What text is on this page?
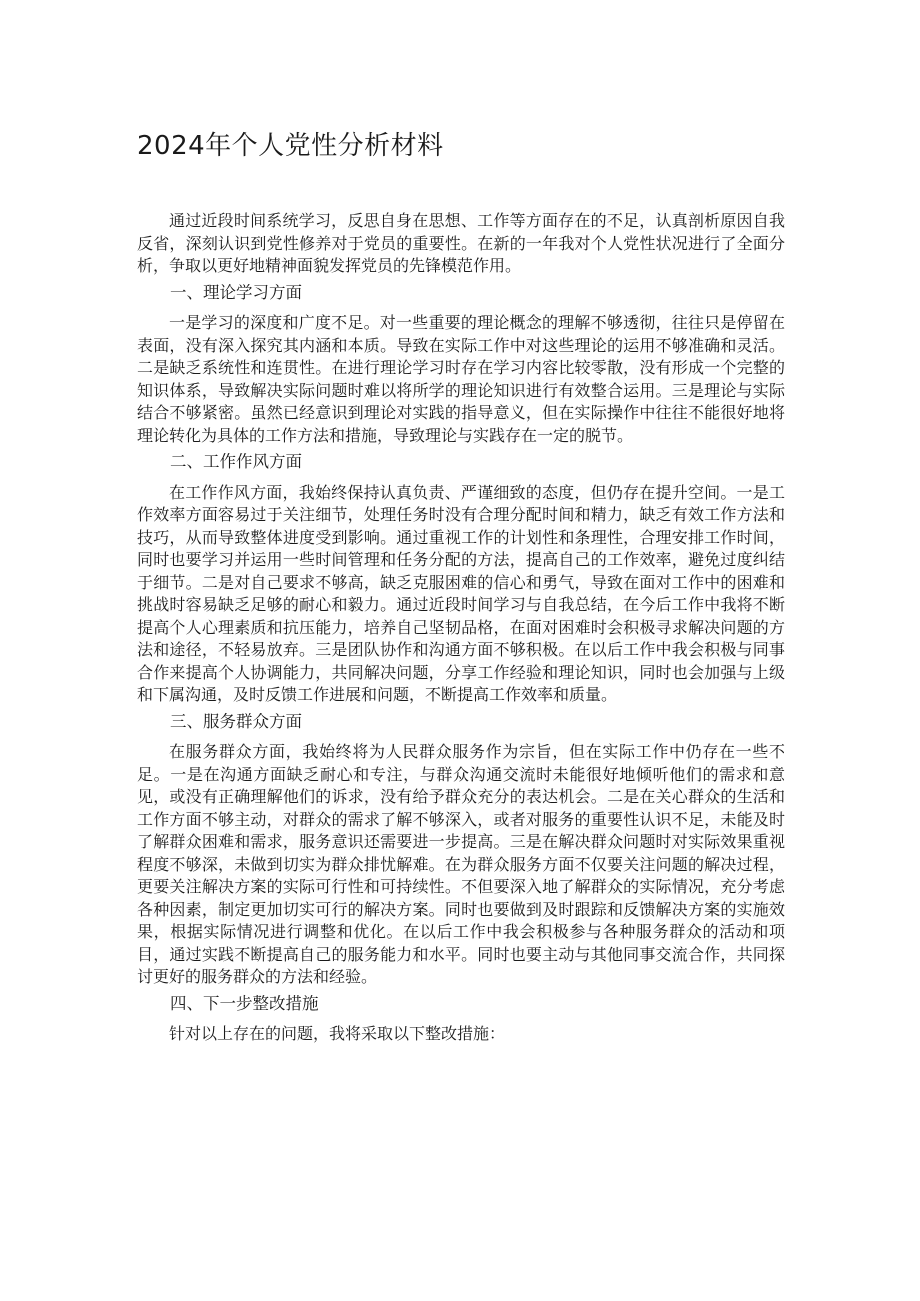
2024年个人党性分析材料

通过近段时间系统学习，反思自身在思想、工作等方面存在的不足，认真剖析原因自我反省，深刻认识到党性修养对于党员的重要性。在新的一年我对个人党性状况进行了全面分析，争取以更好地精神面貌发挥党员的先锋模范作用。

一、理论学习方面

一是学习的深度和广度不足。对一些重要的理论概念的理解不够透彻，往往只是停留在表面，没有深入探究其内涵和本质。导致在实际工作中对这些理论的运用不够准确和灵活。二是缺乏系统性和连贯性。在进行理论学习时存在学习内容比较零散，没有形成一个完整的知识体系，导致解决实际问题时难以将所学的理论知识进行有效整合运用。三是理论与实际结合不够紧密。虽然已经意识到理论对实践的指导意义，但在实际操作中往往不能很好地将理论转化为具体的工作方法和措施，导致理论与实践存在一定的脱节。

二、工作作风方面

在工作作风方面，我始终保持认真负责、严谨细致的态度，但仍存在提升空间。一是工作效率方面容易过于关注细节，处理任务时没有合理分配时间和精力，缺乏有效工作方法和技巧，从而导致整体进度受到影响。通过重视工作的计划性和条理性，合理安排工作时间，同时也要学习并运用一些时间管理和任务分配的方法，提高自己的工作效率，避免过度纠结于细节。二是对自己要求不够高，缺乏克服困难的信心和勇气，导致在面对工作中的困难和挑战时容易缺乏足够的耐心和毅力。通过近段时间学习与自我总结，在今后工作中我将不断提高个人心理素质和抗压能力，培养自己坚韧品格，在面对困难时会积极寻求解决问题的方法和途径，不轻易放弃。三是团队协作和沟通方面不够积极。在以后工作中我会积极与同事合作来提高个人协调能力，共同解决问题，分享工作经验和理论知识，同时也会加强与上级和下属沟通，及时反馈工作进展和问题，不断提高工作效率和质量。

三、服务群众方面

在服务群众方面，我始终将为人民群众服务作为宗旨，但在实际工作中仍存在一些不足。一是在沟通方面缺乏耐心和专注，与群众沟通交流时未能很好地倾听他们的需求和意见，或没有正确理解他们的诉求，没有给予群众充分的表达机会。二是在关心群众的生活和工作方面不够主动，对群众的需求了解不够深入，或者对服务的重要性认识不足，未能及时了解群众困难和需求，服务意识还需要进一步提高。三是在解决群众问题时对实际效果重视程度不够深，未做到切实为群众排忧解难。在为群众服务方面不仅要关注问题的解决过程，更要关注解决方案的实际可行性和可持续性。不但要深入地了解群众的实际情况，充分考虑各种因素，制定更加切实可行的解决方案。同时也要做到及时跟踪和反馈解决方案的实施效果，根据实际情况进行调整和优化。在以后工作中我会积极参与各种服务群众的活动和项目，通过实践不断提高自己的服务能力和水平。同时也要主动与其他同事交流合作，共同探讨更好的服务群众的方法和经验。

四、下一步整改措施

针对以上存在的问题，我将采取以下整改措施：
